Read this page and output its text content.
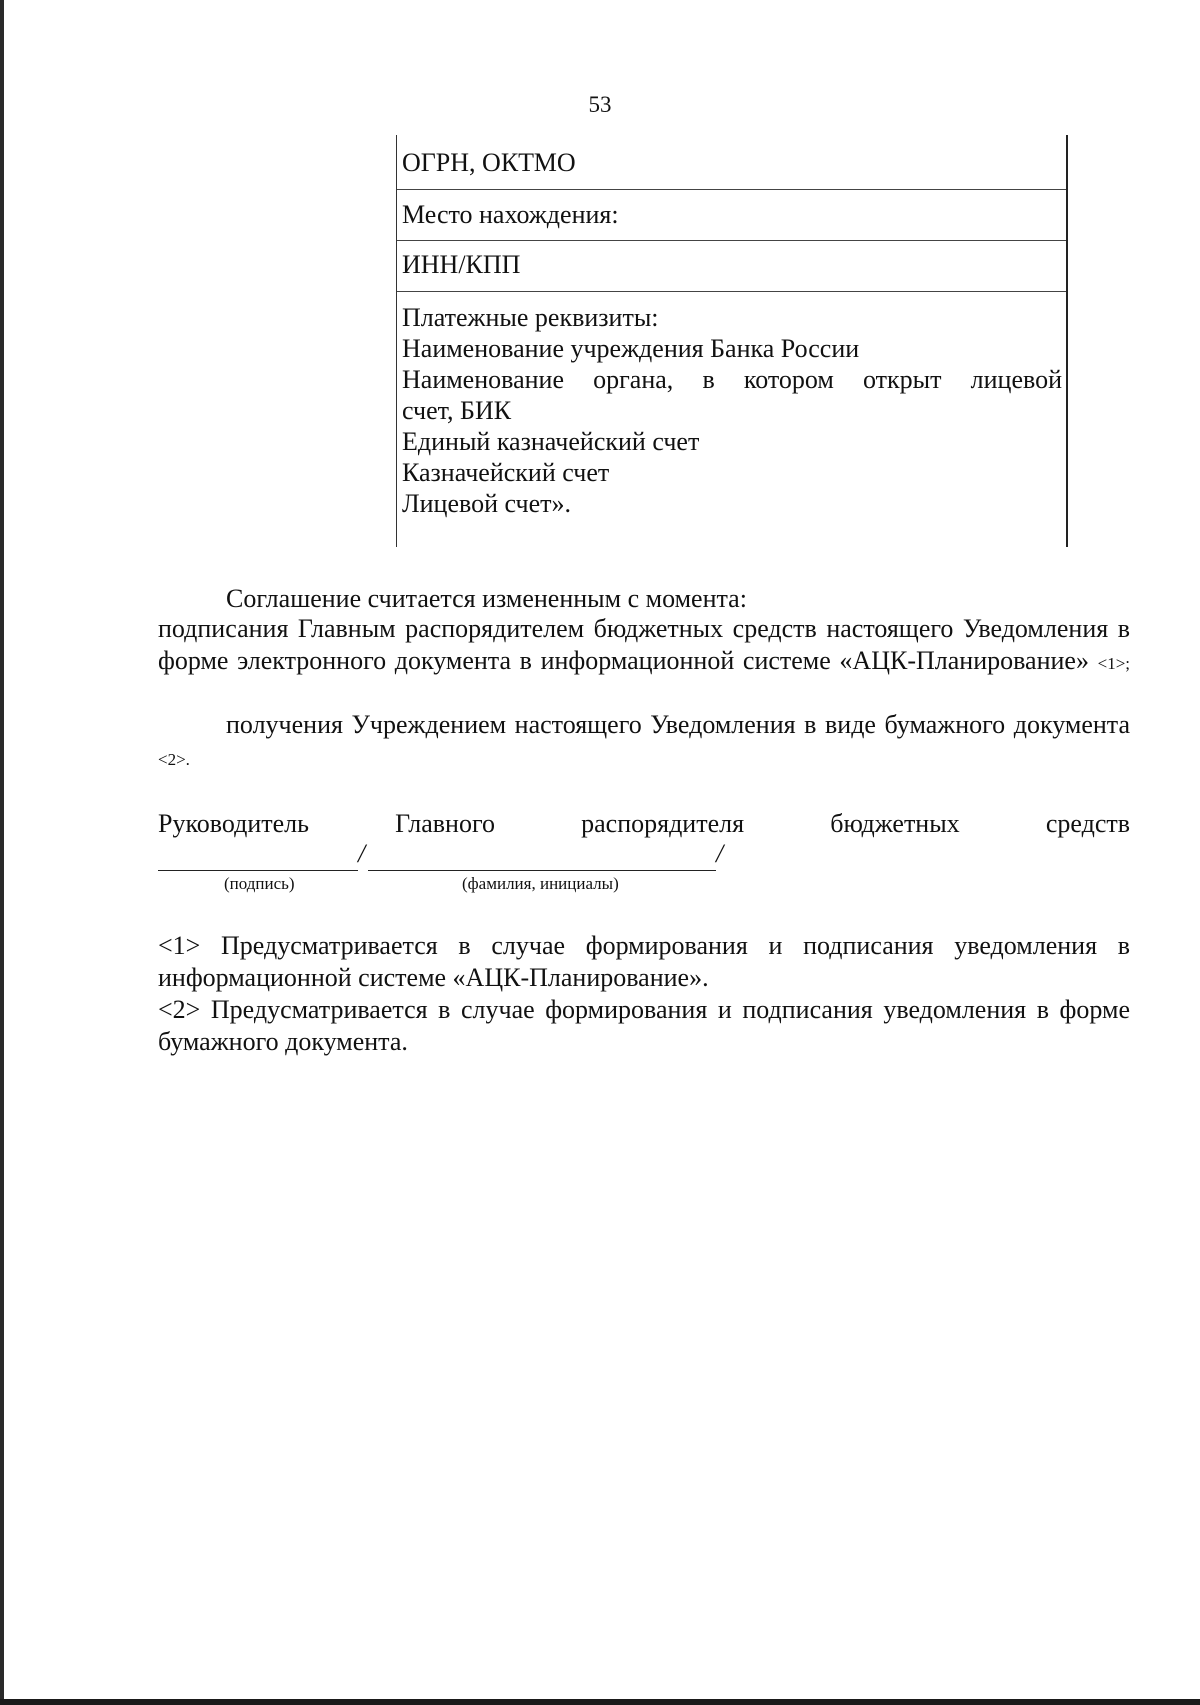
53
ОГРН, ОКТМО
Место нахождения:
ИНН/КПП
Платежные реквизиты:
Наименование учреждения Банка России
Наименование органа, в котором открыт лицевой
счет, БИК
Единый казначейский счет
Казначейский счет
Лицевой счет».
Соглашение считается измененным с момента:
подписания Главным распорядителем бюджетных средств настоящего Уведомления в форме электронного документа в информационной системе «АЦК-Планирование» <1>;
получения Учреждением настоящего Уведомления в виде бумажного документа <2>.
Руководитель Главного распорядителя бюджетных средств
/	/
(подпись)	(фамилия, инициалы)
<1> Предусматривается в случае формирования и подписания уведомления в информационной системе «АЦК-Планирование».
<2> Предусматривается в случае формирования и подписания уведомления в форме бумажного документа.
